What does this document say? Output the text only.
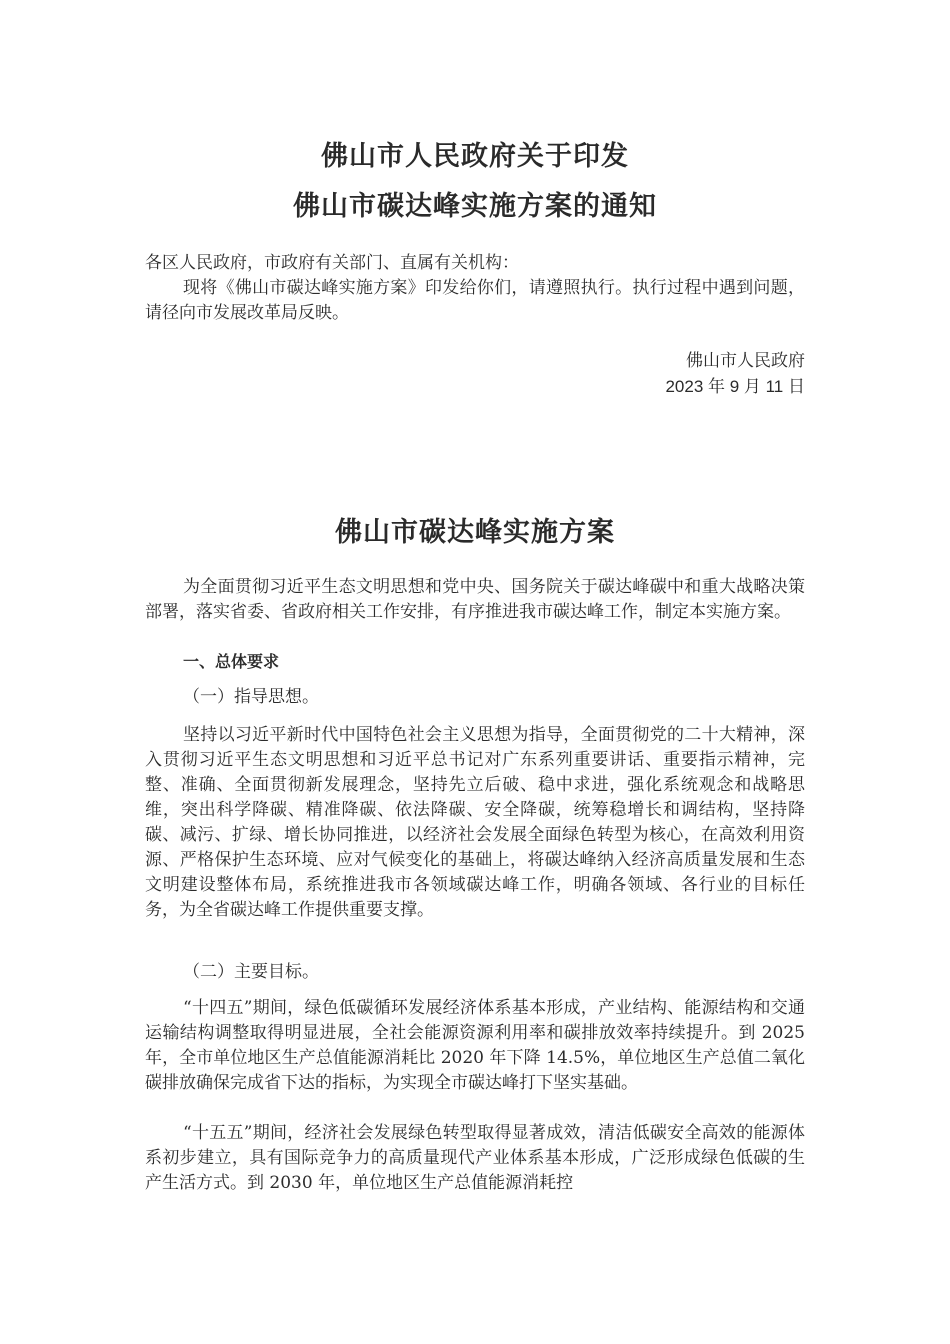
佛山市人民政府关于印发
佛山市碳达峰实施方案的通知
各区人民政府，市政府有关部门、直属有关机构：
现将《佛山市碳达峰实施方案》印发给你们，请遵照执行。执行过程中遇到问题，请径向市发展改革局反映。
佛山市人民政府
2023 年 9 月 11 日
佛山市碳达峰实施方案
为全面贯彻习近平生态文明思想和党中央、国务院关于碳达峰碳中和重大战略决策部署，落实省委、省政府相关工作安排，有序推进我市碳达峰工作，制定本实施方案。
一、总体要求
（一）指导思想。
坚持以习近平新时代中国特色社会主义思想为指导，全面贯彻党的二十大精神，深入贯彻习近平生态文明思想和习近平总书记对广东系列重要讲话、重要指示精神，完整、准确、全面贯彻新发展理念，坚持先立后破、稳中求进，强化系统观念和战略思维，突出科学降碳、精准降碳、依法降碳、安全降碳，统筹稳增长和调结构，坚持降碳、减污、扩绿、增长协同推进，以经济社会发展全面绿色转型为核心，在高效利用资源、严格保护生态环境、应对气候变化的基础上，将碳达峰纳入经济高质量发展和生态文明建设整体布局，系统推进我市各领域碳达峰工作，明确各领域、各行业的目标任务，为全省碳达峰工作提供重要支撑。
（二）主要目标。
“十四五”期间，绿色低碳循环发展经济体系基本形成，产业结构、能源结构和交通运输结构调整取得明显进展，全社会能源资源利用率和碳排放效率持续提升。到 2025 年，全市单位地区生产总值能源消耗比 2020 年下降 14.5%，单位地区生产总值二氧化碳排放确保完成省下达的指标，为实现全市碳达峰打下坚实基础。
“十五五”期间，经济社会发展绿色转型取得显著成效，清洁低碳安全高效的能源体系初步建立，具有国际竞争力的高质量现代产业体系基本形成，广泛形成绿色低碳的生产生活方式。到 2030 年，单位地区生产总值能源消耗控
